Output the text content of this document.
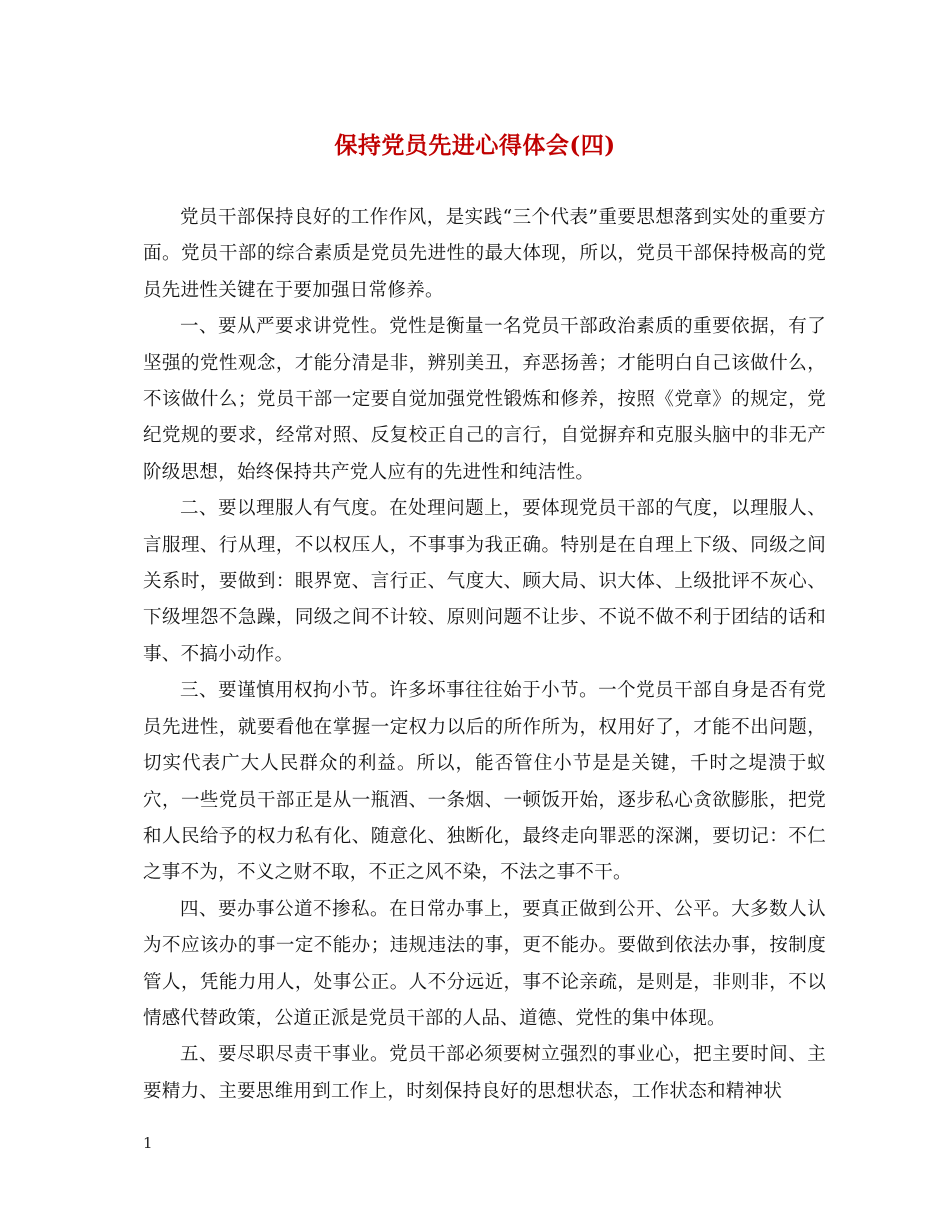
保持党员先进心得体会(四)

党员干部保持良好的工作作风，是实践“三个代表”重要思想落到实处的重要方面。党员干部的综合素质是党员先进性的最大体现，所以，党员干部保持极高的党员先进性关键在于要加强日常修养。

一、要从严要求讲党性。党性是衡量一名党员干部政治素质的重要依据，有了坚强的党性观念，才能分清是非，辨别美丑，弃恶扬善；才能明白自己该做什么，不该做什么；党员干部一定要自觉加强党性锻炼和修养，按照《党章》的规定，党纪党规的要求，经常对照、反复校正自己的言行，自觉摒弃和克服头脑中的非无产阶级思想，始终保持共产党人应有的先进性和纯洁性。

二、要以理服人有气度。在处理问题上，要体现党员干部的气度，以理服人、言服理、行从理，不以权压人，不事事为我正确。特别是在自理上下级、同级之间关系时，要做到：眼界宽、言行正、气度大、顾大局、识大体、上级批评不灰心、下级埋怨不急躁，同级之间不计较、原则问题不让步、不说不做不利于团结的话和事、不搞小动作。

三、要谨慎用权拘小节。许多坏事往往始于小节。一个党员干部自身是否有党员先进性，就要看他在掌握一定权力以后的所作所为，权用好了，才能不出问题，切实代表广大人民群众的利益。所以，能否管住小节是是关键，千时之堤溃于蚁穴，一些党员干部正是从一瓶酒、一条烟、一顿饭开始，逐步私心贪欲膨胀，把党和人民给予的权力私有化、随意化、独断化，最终走向罪恶的深渊，要切记：不仁之事不为，不义之财不取，不正之风不染，不法之事不干。

四、要办事公道不掺私。在日常办事上，要真正做到公开、公平。大多数人认为不应该办的事一定不能办；违规违法的事，更不能办。要做到依法办事，按制度管人，凭能力用人，处事公正。人不分远近，事不论亲疏，是则是，非则非，不以情感代替政策，公道正派是党员干部的人品、道德、党性的集中体现。

五、要尽职尽责干事业。党员干部必须要树立强烈的事业心，把主要时间、主要精力、主要思维用到工作上，时刻保持良好的思想状态，工作状态和精神状

1
